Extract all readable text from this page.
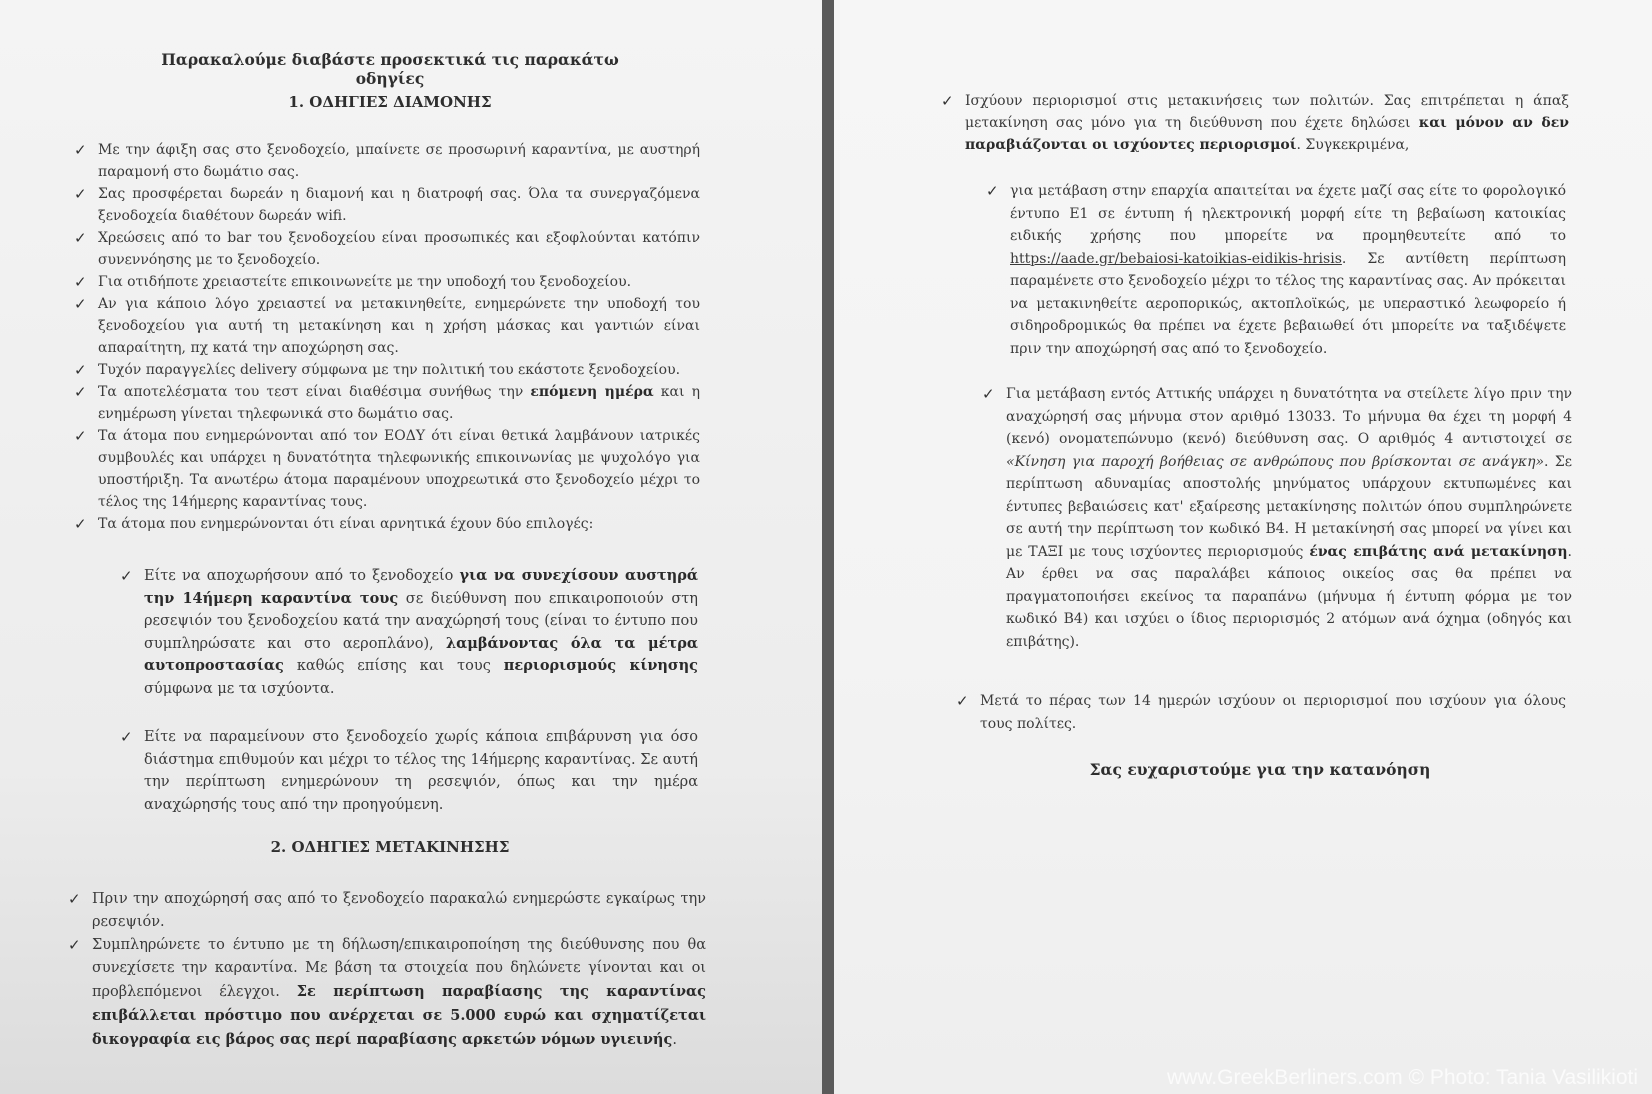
Παρακαλούμε διαβάστε προσεκτικά τις παρακάτω οδηγίες
1. ΟΔΗΓΙΕΣ ΔΙΑΜΟΝΗΣ
✓ Με την άφιξη σας στο ξενοδοχείο, μπαίνετε σε προσωρινή καραντίνα, με αυστηρή παραμονή στο δωμάτιο σας.
✓ Σας προσφέρεται δωρεάν η διαμονή και η διατροφή σας. Όλα τα συνεργαζόμενα ξενοδοχεία διαθέτουν δωρεάν wifi.
✓ Χρεώσεις από το bar του ξενοδοχείου είναι προσωπικές και εξοφλούνται κατόπιν συνεννόησης με το ξενοδοχείο.
✓ Για οτιδήποτε χρειαστείτε επικοινωνείτε με την υποδοχή του ξενοδοχείου.
✓ Αν για κάποιο λόγο χρειαστεί να μετακινηθείτε, ενημερώνετε την υποδοχή του ξενοδοχείου για αυτή τη μετακίνηση και η χρήση μάσκας και γαντιών είναι απαραίτητη, πχ κατά την αποχώρηση σας.
✓ Τυχόν παραγγελίες delivery σύμφωνα με την πολιτική του εκάστοτε ξενοδοχείου.
✓ Τα αποτελέσματα του τεστ είναι διαθέσιμα συνήθως την επόμενη ημέρα και η ενημέρωση γίνεται τηλεφωνικά στο δωμάτιο σας.
✓ Τα άτομα που ενημερώνονται από τον ΕΟΔΥ ότι είναι θετικά λαμβάνουν ιατρικές συμβουλές και υπάρχει η δυνατότητα τηλεφωνικής επικοινωνίας με ψυχολόγο για υποστήριξη. Τα ανωτέρω άτομα παραμένουν υποχρεωτικά στο ξενοδοχείο μέχρι το τέλος της 14ήμερης καραντίνας τους.
✓ Τα άτομα που ενημερώνονται ότι είναι αρνητικά έχουν δύο επιλογές:
✓ Είτε να αποχωρήσουν από το ξενοδοχείο για να συνεχίσουν αυστηρά την 14ήμερη καραντίνα τους σε διεύθυνση που επικαιροποιούν στη ρεσεψιόν του ξενοδοχείου κατά την αναχώρησή τους (είναι το έντυπο που συμπληρώσατε και στο αεροπλάνο), λαμβάνοντας όλα τα μέτρα αυτοπροστασίας καθώς επίσης και τους περιορισμούς κίνησης σύμφωνα με τα ισχύοντα.
✓ Είτε να παραμείνουν στο ξενοδοχείο χωρίς κάποια επιβάρυνση για όσο διάστημα επιθυμούν και μέχρι το τέλος της 14ήμερης καραντίνας. Σε αυτή την περίπτωση ενημερώνουν τη ρεσεψιόν, όπως και την ημέρα αναχώρησής τους από την προηγούμενη.
2. ΟΔΗΓΙΕΣ ΜΕΤΑΚΙΝΗΣΗΣ
✓ Πριν την αποχώρησή σας από το ξενοδοχείο παρακαλώ ενημερώστε εγκαίρως την ρεσεψιόν.
✓ Συμπληρώνετε το έντυπο με τη δήλωση/επικαιροποίηση της διεύθυνσης που θα συνεχίσετε την καραντίνα. Με βάση τα στοιχεία που δηλώνετε γίνονται και οι προβλεπόμενοι έλεγχοι. Σε περίπτωση παραβίασης της καραντίνας επιβάλλεται πρόστιμο που ανέρχεται σε 5.000 ευρώ και σχηματίζεται δικογραφία εις βάρος σας περί παραβίασης αρκετών νόμων υγιεινής.
✓ Ισχύουν περιορισμοί στις μετακινήσεις των πολιτών. Σας επιτρέπεται η άπαξ μετακίνηση σας μόνο για τη διεύθυνση που έχετε δηλώσει και μόνον αν δεν παραβιάζονται οι ισχύοντες περιορισμοί. Συγκεκριμένα,
✓ για μετάβαση στην επαρχία απαιτείται να έχετε μαζί σας είτε το φορολογικό έντυπο Ε1 σε έντυπη ή ηλεκτρονική μορφή είτε τη βεβαίωση κατοικίας ειδικής χρήσης που μπορείτε να προμηθευτείτε από το https://aade.gr/bebaiosi-katoikias-eidikis-hrisis. Σε αντίθετη περίπτωση παραμένετε στο ξενοδοχείο μέχρι το τέλος της καραντίνας σας. Αν πρόκειται να μετακινηθείτε αεροπορικώς, ακτοπλοϊκώς, με υπεραστικό λεωφορείο ή σιδηροδρομικώς θα πρέπει να έχετε βεβαιωθεί ότι μπορείτε να ταξιδέψετε πριν την αποχώρησή σας από το ξενοδοχείο.
✓ Για μετάβαση εντός Αττικής υπάρχει η δυνατότητα να στείλετε λίγο πριν την αναχώρησή σας μήνυμα στον αριθμό 13033. Το μήνυμα θα έχει τη μορφή 4 (κενό) ονοματεπώνυμο (κενό) διεύθυνση σας. Ο αριθμός 4 αντιστοιχεί σε «Κίνηση για παροχή βοήθειας σε ανθρώπους που βρίσκονται σε ανάγκη». Σε περίπτωση αδυναμίας αποστολής μηνύματος υπάρχουν εκτυπωμένες και έντυπες βεβαιώσεις κατ' εξαίρεσης μετακίνησης πολιτών όπου συμπληρώνετε σε αυτή την περίπτωση τον κωδικό Β4. Η μετακίνησή σας μπορεί να γίνει και με ΤΑΞΙ με τους ισχύοντες περιορισμούς ένας επιβάτης ανά μετακίνηση. Αν έρθει να σας παραλάβει κάποιος οικείος σας θα πρέπει να πραγματοποιήσει εκείνος τα παραπάνω (μήνυμα ή έντυπη φόρμα με τον κωδικό Β4) και ισχύει ο ίδιος περιορισμός 2 ατόμων ανά όχημα (οδηγός και επιβάτης).
✓ Μετά το πέρας των 14 ημερών ισχύουν οι περιορισμοί που ισχύουν για όλους τους πολίτες.
Σας ευχαριστούμε για την κατανόηση
www.GreekBerliners.com © Photo: Tania Vasilikioti
